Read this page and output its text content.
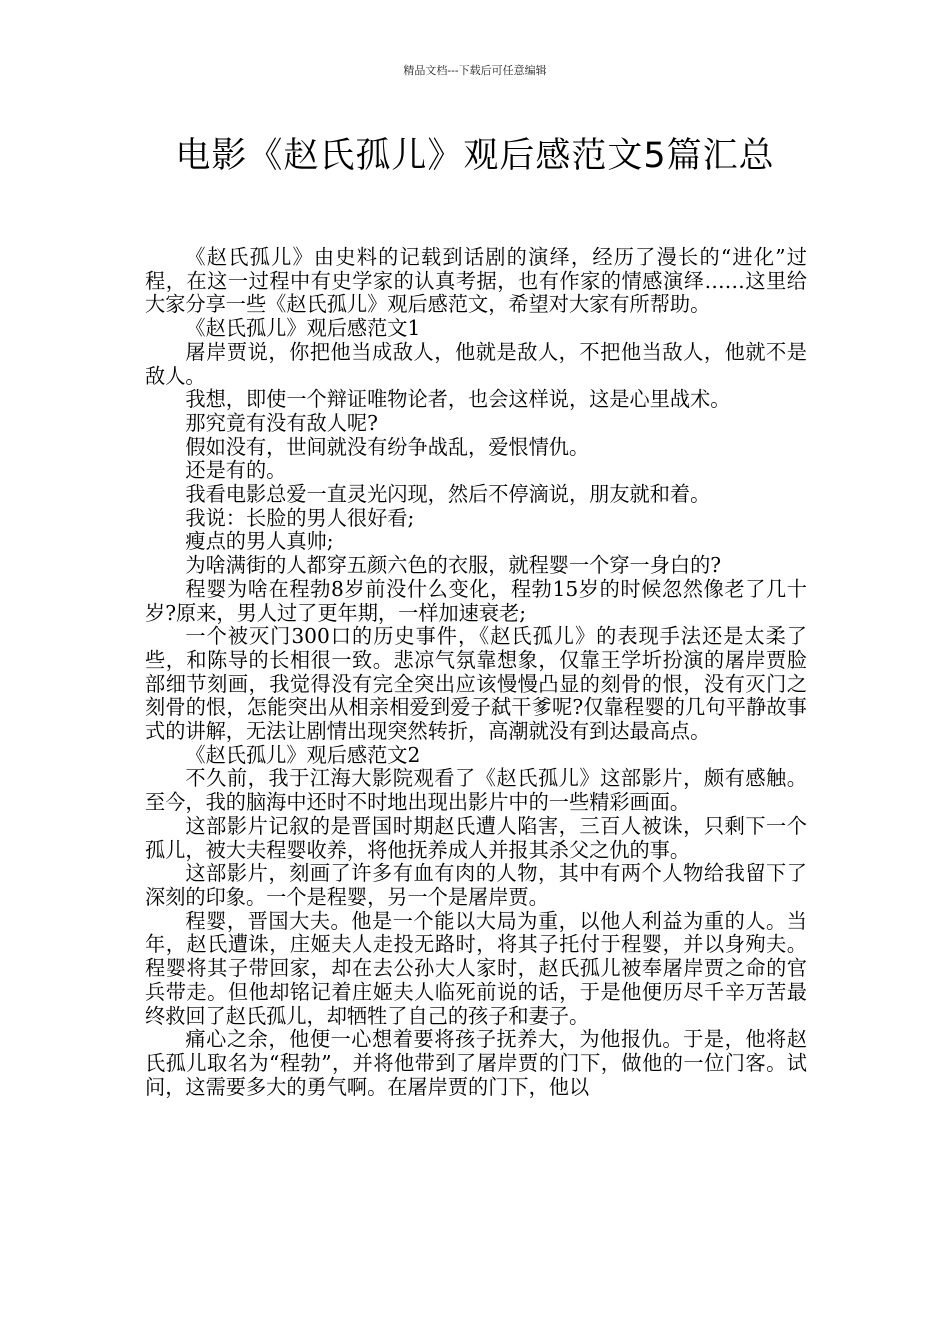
精品文档---下载后可任意编辑
电影《赵氏孤儿》观后感范文5篇汇总

《赵氏孤儿》由史料的记载到话剧的演绎，经历了漫长的“进化”过程，在这一过程中有史学家的认真考据，也有作家的情感演绎……这里给大家分享一些《赵氏孤儿》观后感范文，希望对大家有所帮助。

《赵氏孤儿》观后感范文1

屠岸贾说，你把他当成敌人，他就是敌人，不把他当敌人，他就不是敌人。

我想，即使一个辩证唯物论者，也会这样说，这是心里战术。

那究竟有没有敌人呢?

假如没有，世间就没有纷争战乱，爱恨情仇。

还是有的。

我看电影总爱一直灵光闪现，然后不停滴说，朋友就和着。

我说：长脸的男人很好看;

瘦点的男人真帅;

为啥满街的人都穿五颜六色的衣服，就程婴一个穿一身白的?

程婴为啥在程勃8岁前没什么变化，程勃15岁的时候忽然像老了几十岁?原来，男人过了更年期，一样加速衰老;

一个被灭门300口的历史事件，《赵氏孤儿》的表现手法还是太柔了些，和陈导的长相很一致。悲凉气氛靠想象，仅靠王学圻扮演的屠岸贾脸部细节刻画，我觉得没有完全突出应该慢慢凸显的刻骨的恨，没有灭门之刻骨的恨，怎能突出从相亲相爱到爱子弑干爹呢?仅靠程婴的几句平静故事式的讲解，无法让剧情出现突然转折，高潮就没有到达最高点。

《赵氏孤儿》观后感范文2

不久前，我于江海大影院观看了《赵氏孤儿》这部影片，颇有感触。至今，我的脑海中还时不时地出现出影片中的一些精彩画面。

这部影片记叙的是晋国时期赵氏遭人陷害，三百人被诛，只剩下一个孤儿，被大夫程婴收养，将他抚养成人并报其杀父之仇的事。

这部影片，刻画了许多有血有肉的人物，其中有两个人物给我留下了深刻的印象。一个是程婴，另一个是屠岸贾。

程婴，晋国大夫。他是一个能以大局为重，以他人利益为重的人。当年，赵氏遭诛，庄姬夫人走投无路时，将其子托付于程婴，并以身殉夫。程婴将其子带回家，却在去公孙大人家时，赵氏孤儿被奉屠岸贾之命的官兵带走。但他却铭记着庄姬夫人临死前说的话，于是他便历尽千辛万苦最终救回了赵氏孤儿，却牺牲了自己的孩子和妻子。

痛心之余，他便一心想着要将孩子抚养大，为他报仇。于是，他将赵氏孤儿取名为“程勃”，并将他带到了屠岸贾的门下，做他的一位门客。试问，这需要多大的勇气啊。在屠岸贾的门下，他以
